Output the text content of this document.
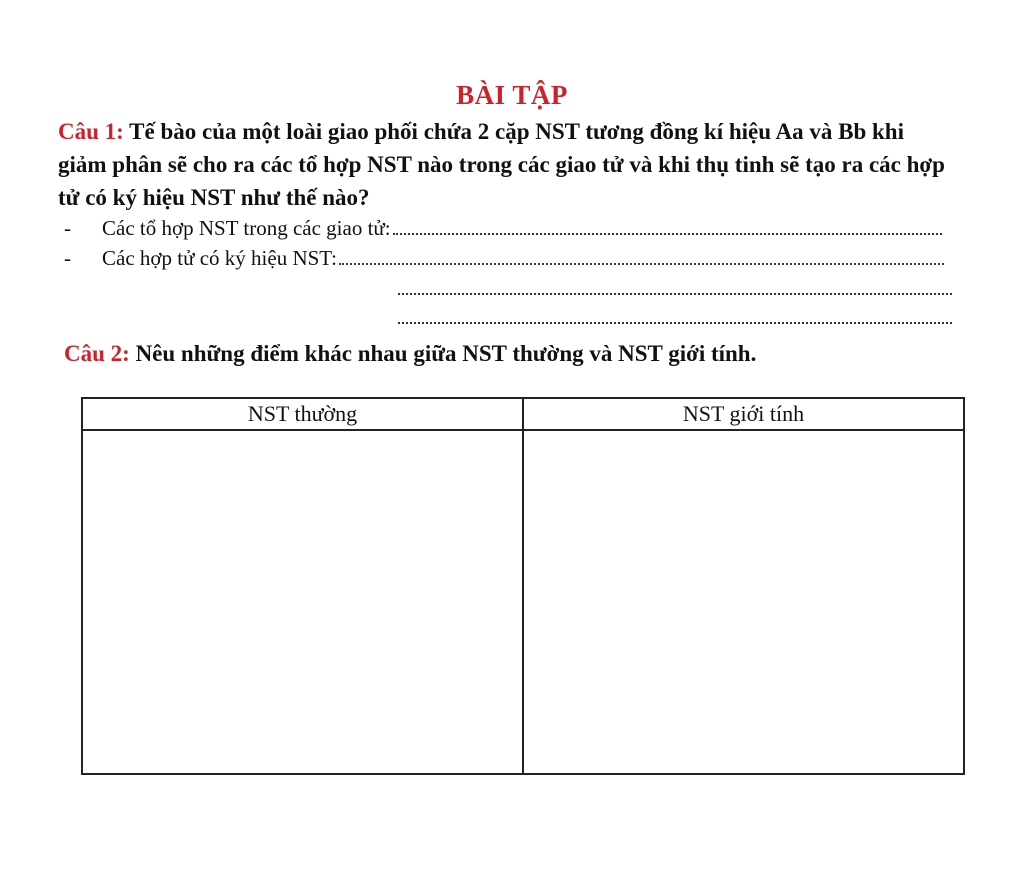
BÀI TẬP
Câu 1: Tế bào của một loài giao phối chứa 2 cặp NST tương đồng kí hiệu Aa và Bb khi giảm phân sẽ cho ra các tổ hợp NST nào trong các giao tử và khi thụ tinh sẽ tạo ra các hợp tử có ký hiệu NST như thế nào?
-	Các tổ hợp NST trong các giao tử:
-	Các hợp tử có ký hiệu NST:
Câu 2: Nêu những điểm khác nhau giữa NST thường và NST giới tính.
NST thường	NST giới tính
